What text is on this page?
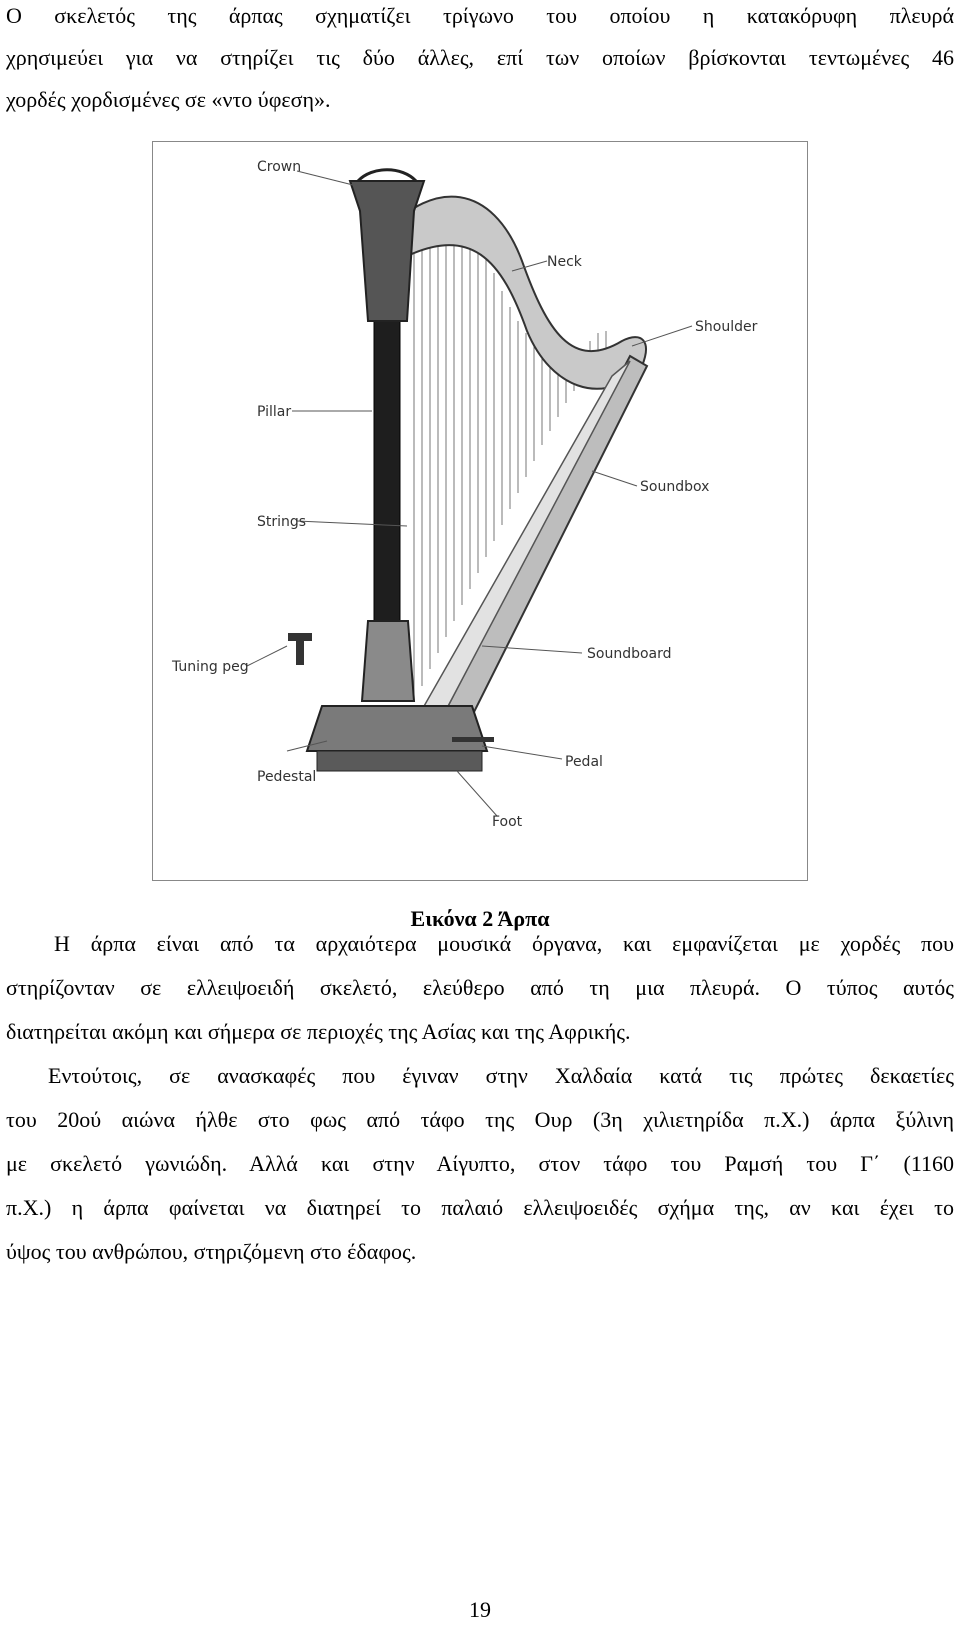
Ο σκελετός της άρπας σχηματίζει τρίγωνο του οποίου η κατακόρυφη πλευρά
χρησιμεύει για να στηρίζει τις δύο άλλες, επί των οποίων βρίσκονται τεντωμένες 46
χορδές χορδισμένες σε «ντο ύφεση».
Crown
Neck
Shoulder
Pillar
Soundbox
Strings
Soundboard
Tuning peg
Pedal
Pedestal
Foot
Εικόνα 2 Άρπα
Η άρπα είναι από τα αρχαιότερα μουσικά όργανα, και εμφανίζεται με χορδές που
στηρίζονταν σε ελλειψοειδή σκελετό, ελεύθερο από τη μια πλευρά. Ο τύπος αυτός
διατηρείται ακόμη και σήμερα σε περιοχές της Ασίας και της Αφρικής.
Εντούτοις, σε ανασκαφές που έγιναν στην Χαλδαία κατά τις πρώτες δεκαετίες
του 20ού αιώνα ήλθε στο φως από τάφο της Ουρ (3η χιλιετηρίδα π.Χ.) άρπα ξύλινη
με σκελετό γωνιώδη. Αλλά και στην Αίγυπτο, στον τάφο του Ραμσή του Γ΄ (1160
π.Χ.) η άρπα φαίνεται να διατηρεί το παλαιό ελλειψοειδές σχήμα της, αν και έχει το
ύψος του ανθρώπου, στηριζόμενη στο έδαφος.
19
